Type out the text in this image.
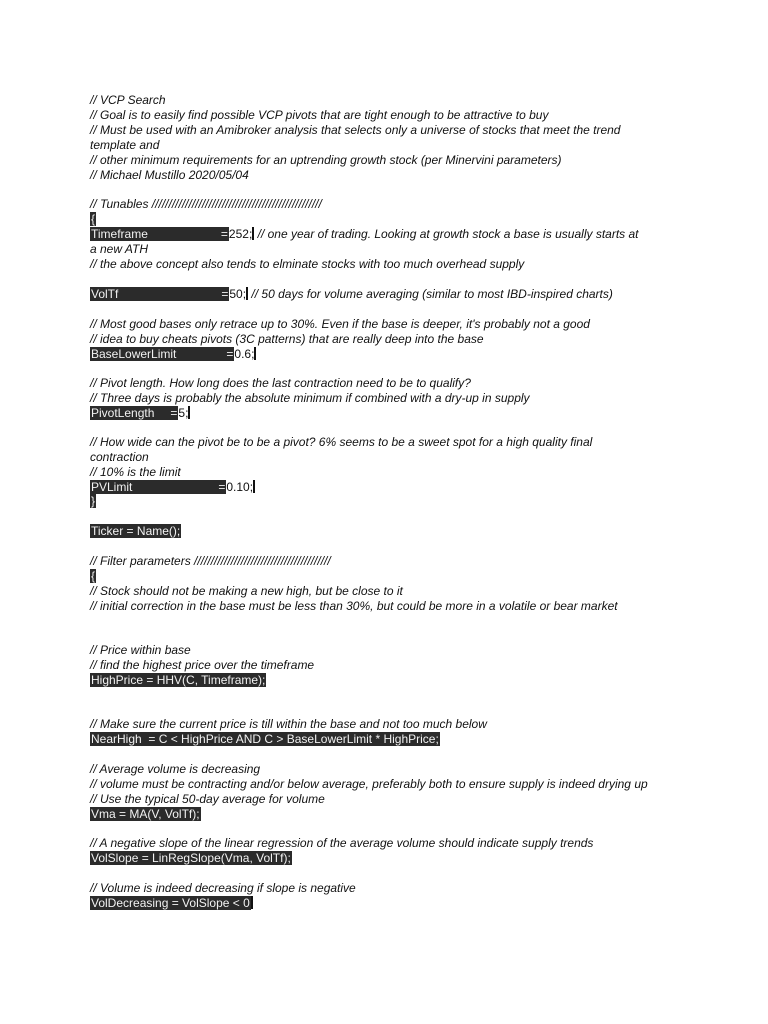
// VCP Search
// Goal is to easily find possible VCP pivots that are tight enough to be attractive to buy
// Must be used with an Amibroker analysis that selects only a universe of stocks that meet the trend
template and
// other minimum requirements for an uptrending growth stock (per Minervini parameters)
// Michael Mustillo 2020/05/04
// Tunables ///////////////////////////////////////////////////
{
Timeframe	=252; // one year of trading. Looking at growth stock a base is usually starts at
a new ATH
// the above concept also tends to elminate stocks with too much overhead supply
VolTf	=50; // 50 days for volume averaging (similar to most IBD-inspired charts)
// Most good bases only retrace up to 30%. Even if the base is deeper, it's probably not a good
// idea to buy cheats pivots (3C patterns) that are really deep into the base
BaseLowerLimit	=0.6;
// Pivot length. How long does the last contraction need to be to qualify?
// Three days is probably the absolute minimum if combined with a dry-up in supply
PivotLength =5;
// How wide can the pivot be to be a pivot? 6% seems to be a sweet spot for a high quality final
contraction
// 10% is the limit
PVLimit	=0.10;
}
Ticker = Name();
// Filter parameters /////////////////////////////////////////
{
// Stock should not be making a new high, but be close to it
// initial correction in the base must be less than 30%, but could be more in a volatile or bear market
// Price within base
// find the highest price over the timeframe
HighPrice = HHV(C, Timeframe);
// Make sure the current price is till within the base and not too much below
NearHigh  = C < HighPrice AND C > BaseLowerLimit * HighPrice;
// Average volume is decreasing
// volume must be contracting and/or below average, preferably both to ensure supply is indeed drying up
// Use the typical 50-day average for volume
Vma = MA(V, VolTf);
// A negative slope of the linear regression of the average volume should indicate supply trends
VolSlope = LinRegSlope(Vma, VolTf);
// Volume is indeed decreasing if slope is negative
VolDecreasing = VolSlope < 0
